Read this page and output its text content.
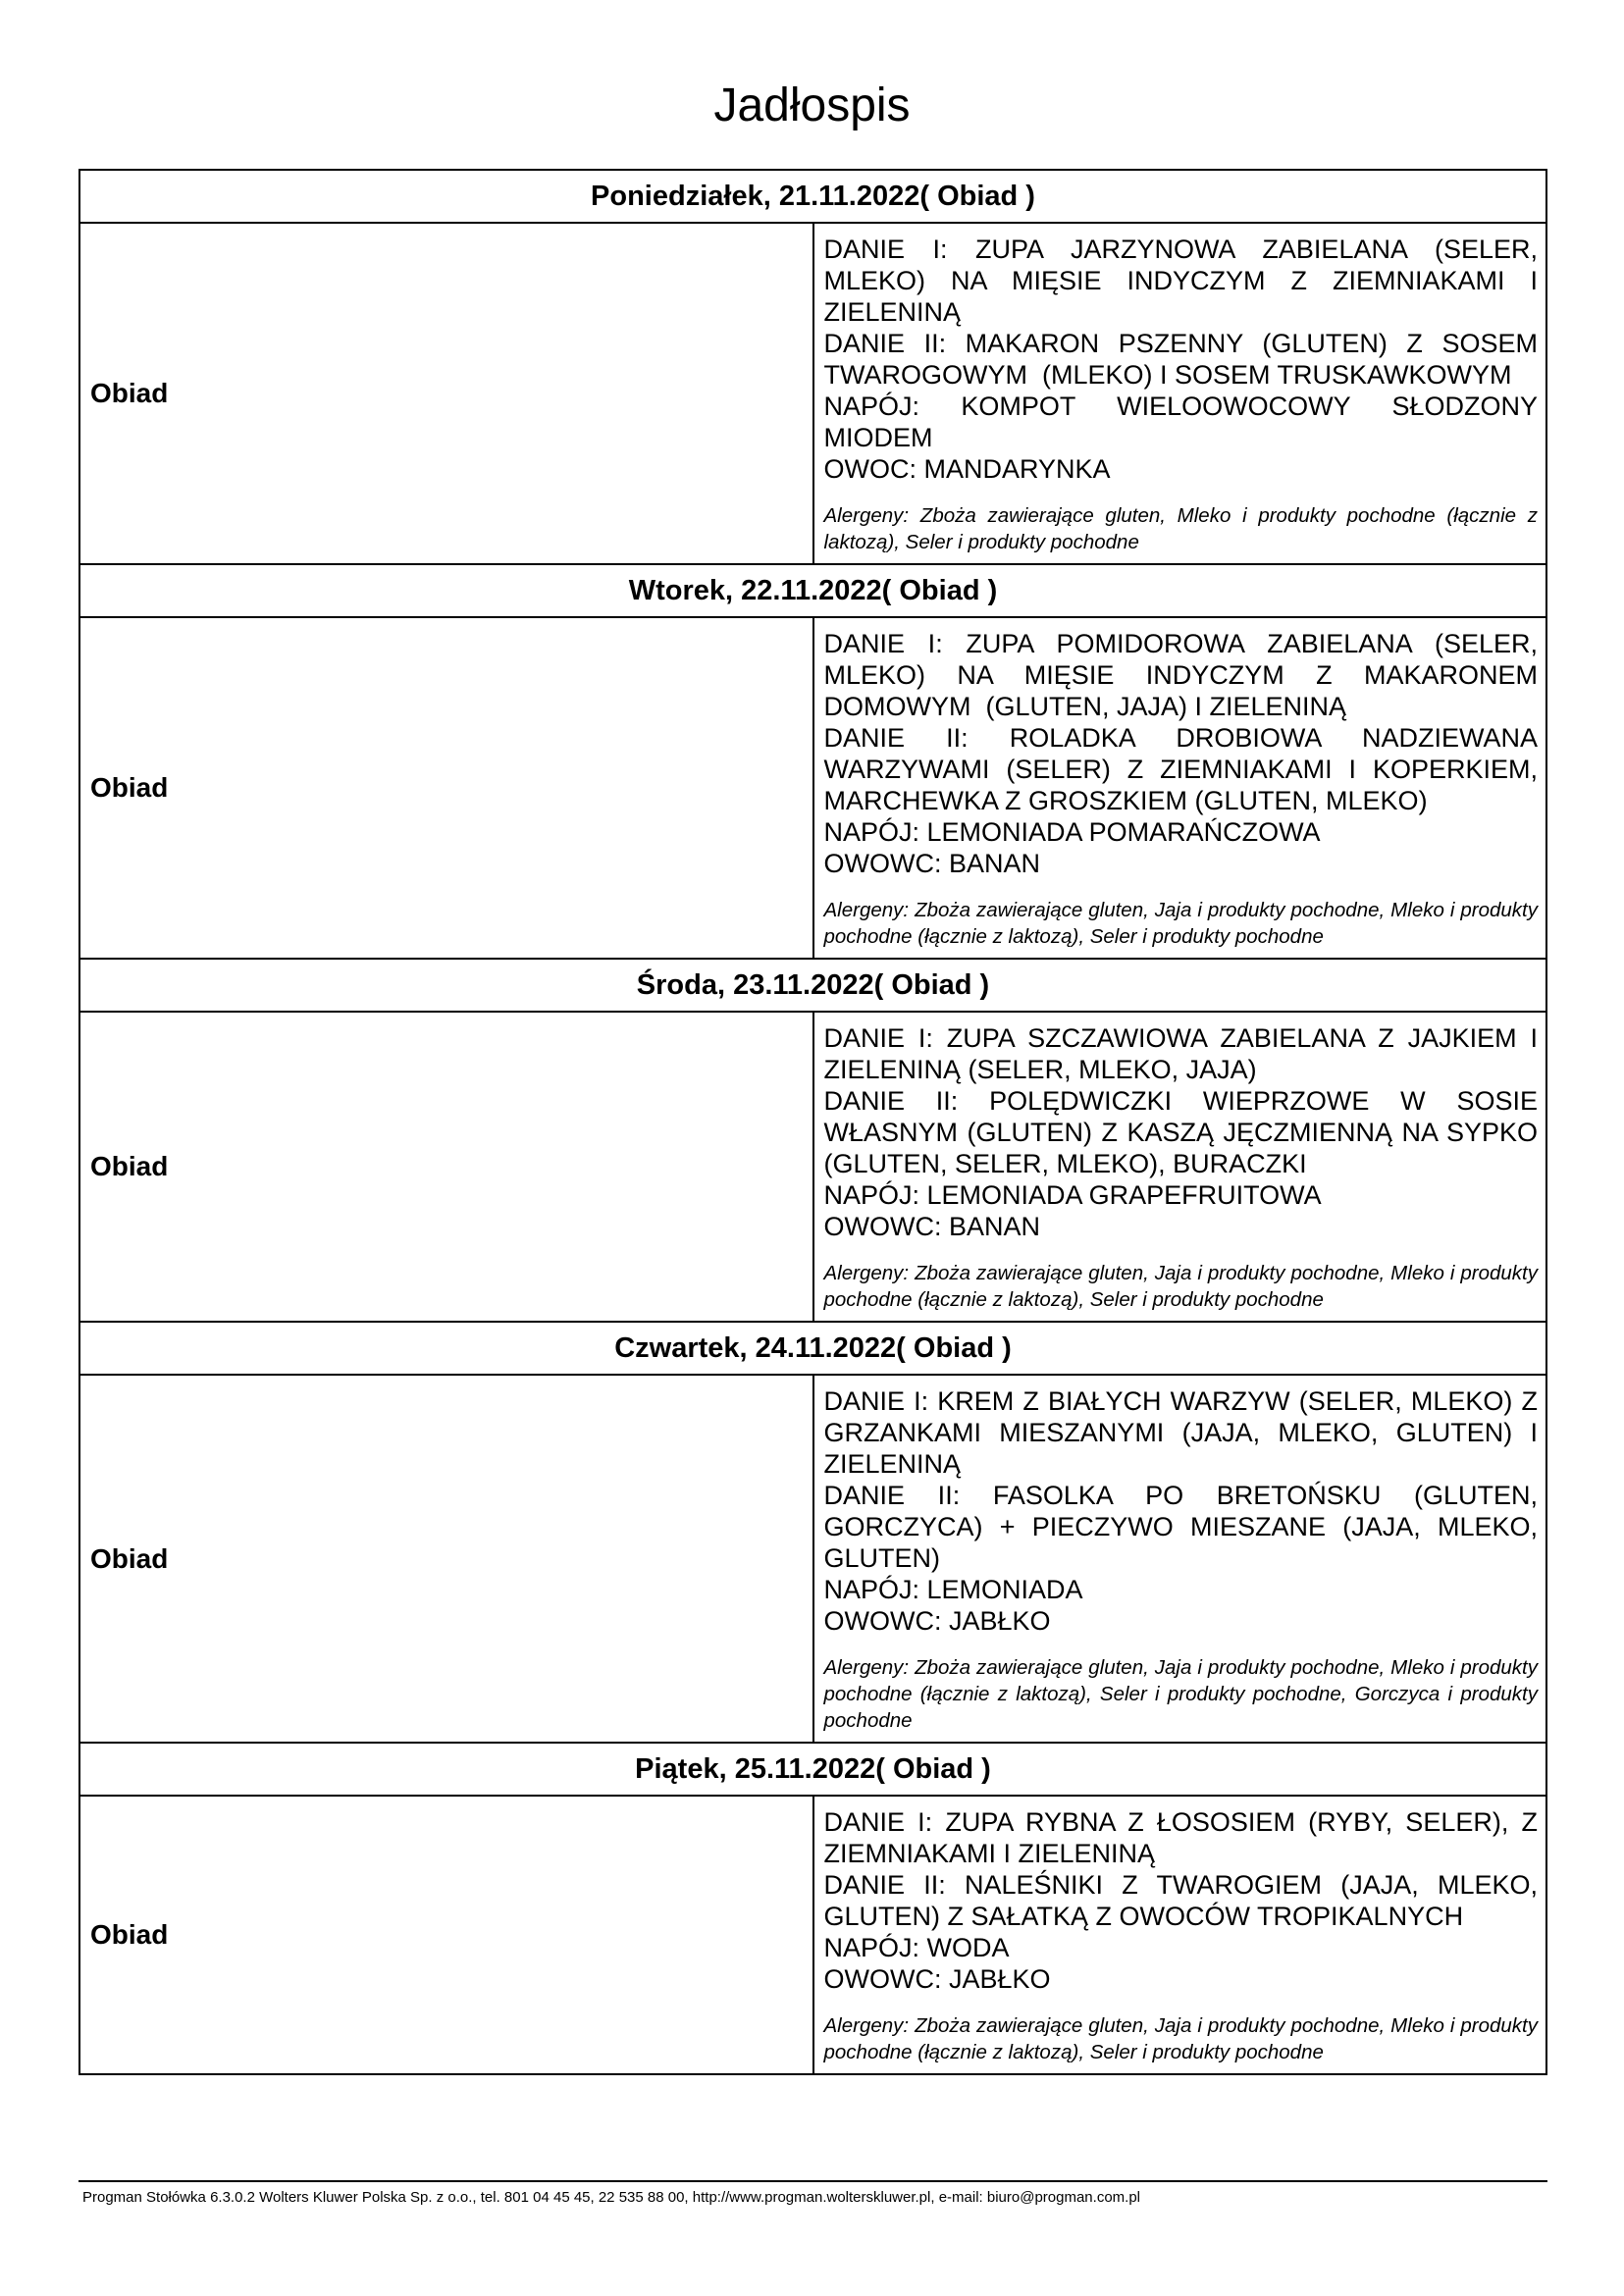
Jadłospis
Poniedziałek, 21.11.2022( Obiad )	
Obiad	DANIE I: ZUPA JARZYNOWA ZABIELANA (SELER, MLEKO) NA MIĘSIE INDYCZYM Z ZIEMNIAKAMI I ZIELENINĄ
DANIE II: MAKARON PSZENNY (GLUTEN) Z SOSEM TWAROGOWYM  (MLEKO) I SOSEM TRUSKAWKOWYM
NAPÓJ: KOMPOT WIELOOWOCOWY SŁODZONY MIODEM
OWOC: MANDARYNKA
Alergeny: Zboża zawierające gluten, Mleko i produkty pochodne (łącznie z laktozą), Seler i produkty pochodne

Wtorek, 22.11.2022( Obiad )	
Obiad	DANIE I: ZUPA POMIDOROWA ZABIELANA (SELER, MLEKO) NA MIĘSIE INDYCZYM Z MAKARONEM DOMOWYM  (GLUTEN, JAJA) I ZIELENINĄ
DANIE II: ROLADKA DROBIOWA NADZIEWANA WARZYWAMI (SELER) Z ZIEMNIAKAMI I KOPERKIEM, MARCHEWKA Z GROSZKIEM (GLUTEN, MLEKO)
NAPÓJ: LEMONIADA POMARAŃCZOWA
OWOWC: BANAN
Alergeny: Zboża zawierające gluten, Jaja i produkty pochodne, Mleko i produkty pochodne (łącznie z laktozą), Seler i produkty pochodne

Środa, 23.11.2022( Obiad )	
Obiad	DANIE I: ZUPA SZCZAWIOWA ZABIELANA Z JAJKIEM I ZIELENINĄ (SELER, MLEKO, JAJA)
DANIE II: POLĘDWICZKI WIEPRZOWE W SOSIE WŁASNYM (GLUTEN) Z KASZĄ JĘCZMIENNĄ NA SYPKO (GLUTEN, SELER, MLEKO), BURACZKI
NAPÓJ: LEMONIADA GRAPEFRUITOWA
OWOWC: BANAN
Alergeny: Zboża zawierające gluten, Jaja i produkty pochodne, Mleko i produkty pochodne (łącznie z laktozą), Seler i produkty pochodne

Czwartek, 24.11.2022( Obiad )	
Obiad	DANIE I: KREM Z BIAŁYCH WARZYW (SELER, MLEKO) Z GRZANKAMI MIESZANYMI (JAJA, MLEKO, GLUTEN) I ZIELENINĄ
DANIE II: FASOLKA PO BRETOŃSKU (GLUTEN, GORCZYCA) + PIECZYWO MIESZANE (JAJA, MLEKO, GLUTEN)
NAPÓJ: LEMONIADA
OWOWC: JABŁKO
Alergeny: Zboża zawierające gluten, Jaja i produkty pochodne, Mleko i produkty pochodne (łącznie z laktozą), Seler i produkty pochodne, Gorczyca i produkty pochodne

Piątek, 25.11.2022( Obiad )	
Obiad	DANIE I: ZUPA RYBNA Z ŁOSOSIEM (RYBY, SELER), Z ZIEMNIAKAMI I ZIELENINĄ
DANIE II: NALEŚNIKI Z TWAROGIEM (JAJA, MLEKO, GLUTEN) Z SAŁATKĄ Z OWOCÓW TROPIKALNYCH
NAPÓJ: WODA
OWOWC: JABŁKO
Alergeny: Zboża zawierające gluten, Jaja i produkty pochodne, Mleko i produkty pochodne (łącznie z laktozą), Seler i produkty pochodne
Progman Stołówka 6.3.0.2 Wolters Kluwer Polska Sp. z o.o., tel. 801 04 45 45, 22 535 88 00, http://www.progman.wolterskluwer.pl, e-mail: biuro@progman.com.pl
